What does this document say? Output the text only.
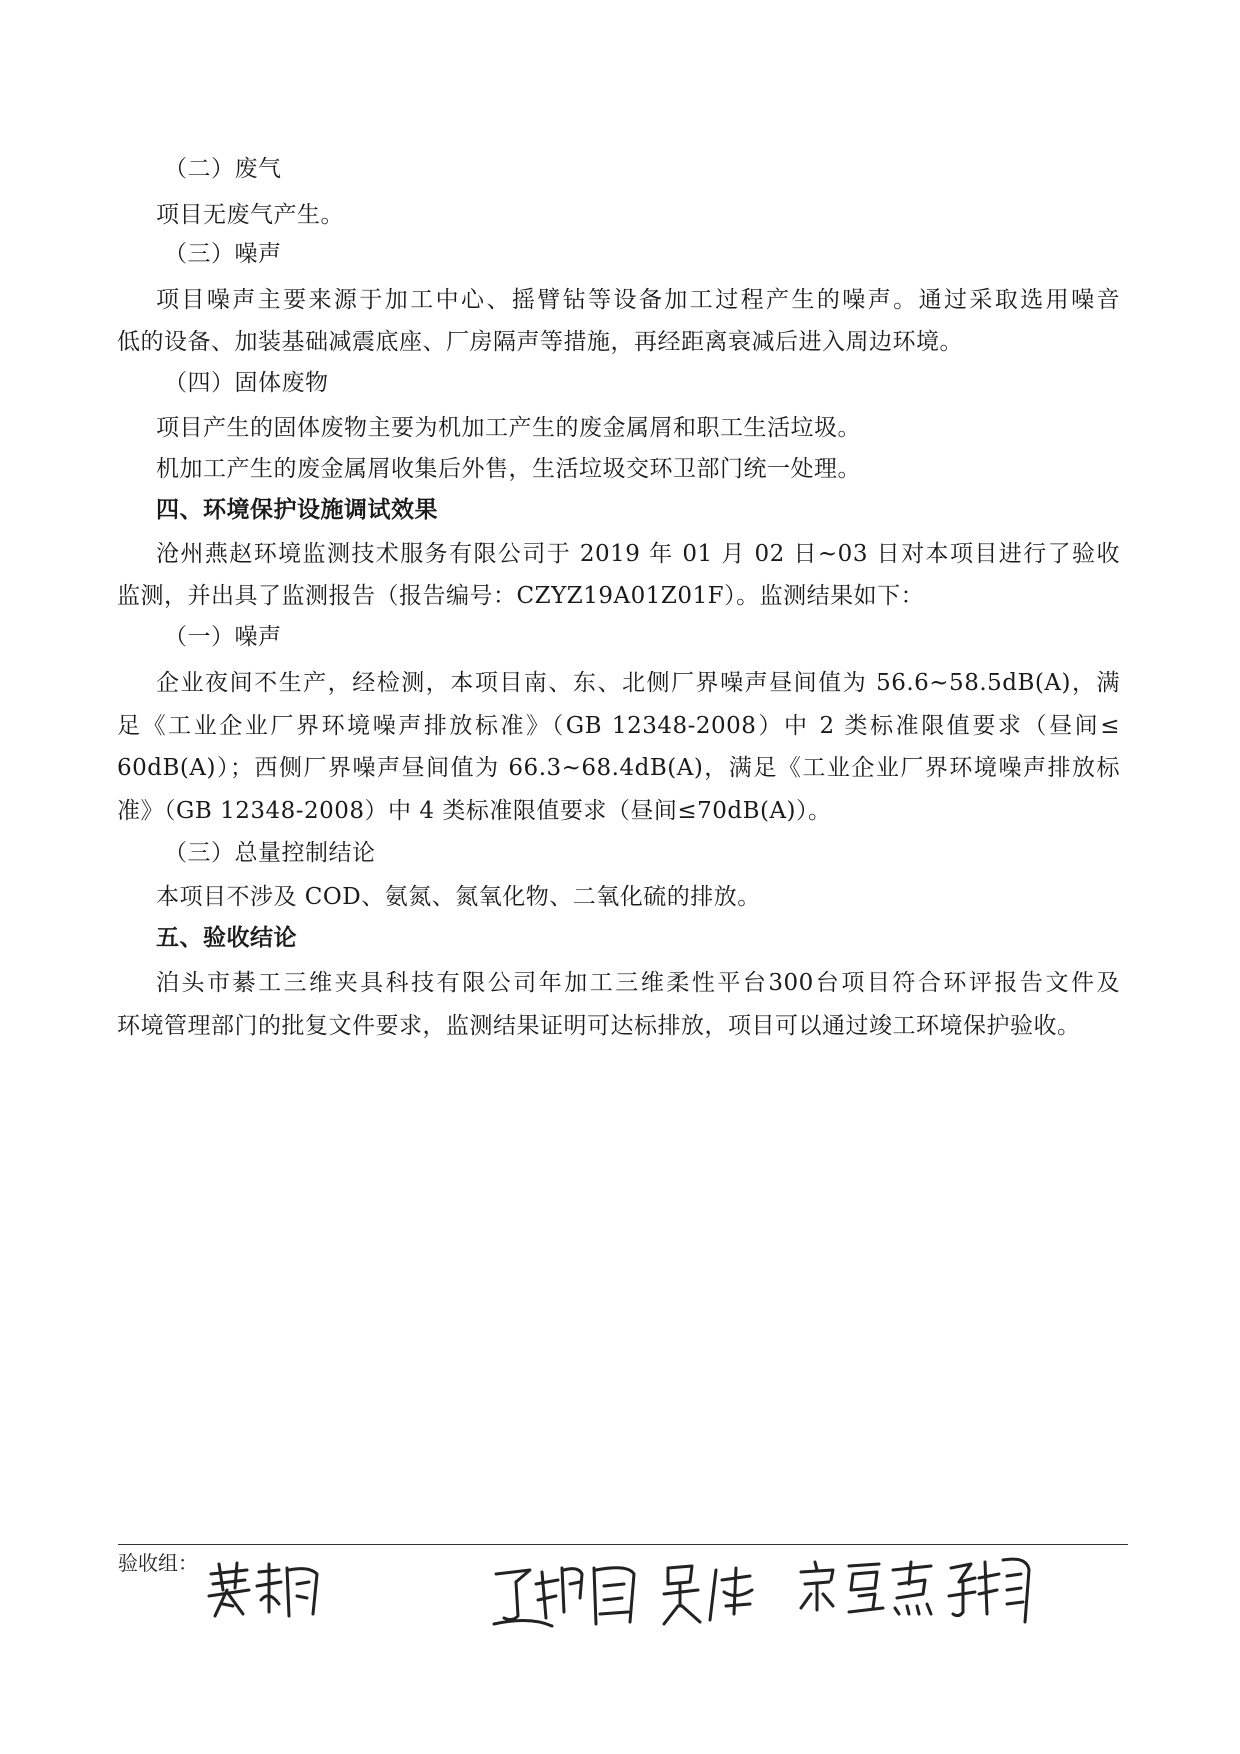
（二）废气
项目无废气产生。
（三）噪声
项目噪声主要来源于加工中心、摇臂钻等设备加工过程产生的噪声。通过采取选用噪音
低的设备、加装基础减震底座、厂房隔声等措施，再经距离衰减后进入周边环境。
（四）固体废物
项目产生的固体废物主要为机加工产生的废金属屑和职工生活垃圾。
机加工产生的废金属屑收集后外售，生活垃圾交环卫部门统一处理。
四、环境保护设施调试效果
沧州燕赵环境监测技术服务有限公司于 2019 年 01 月 02 日~03 日对本项目进行了验收
监测，并出具了监测报告（报告编号：CZYZ19A01Z01F）。监测结果如下：
（一）噪声
企业夜间不生产，经检测，本项目南、东、北侧厂界噪声昼间值为 56.6~58.5dB(A)，满
足《工业企业厂界环境噪声排放标准》（GB 12348-2008）中 2 类标准限值要求（昼间≤
60dB(A)）；西侧厂界噪声昼间值为 66.3~68.4dB(A)，满足《工业企业厂界环境噪声排放标
准》（GB 12348-2008）中 4 类标准限值要求（昼间≤70dB(A)）。
（三）总量控制结论
本项目不涉及 COD、氨氮、氮氧化物、二氧化硫的排放。
五、验收结论
泊头市綦工三维夹具科技有限公司年加工三维柔性平台300台项目符合环评报告文件及
环境管理部门的批复文件要求，监测结果证明可达标排放，项目可以通过竣工环境保护验收。
验收组：
